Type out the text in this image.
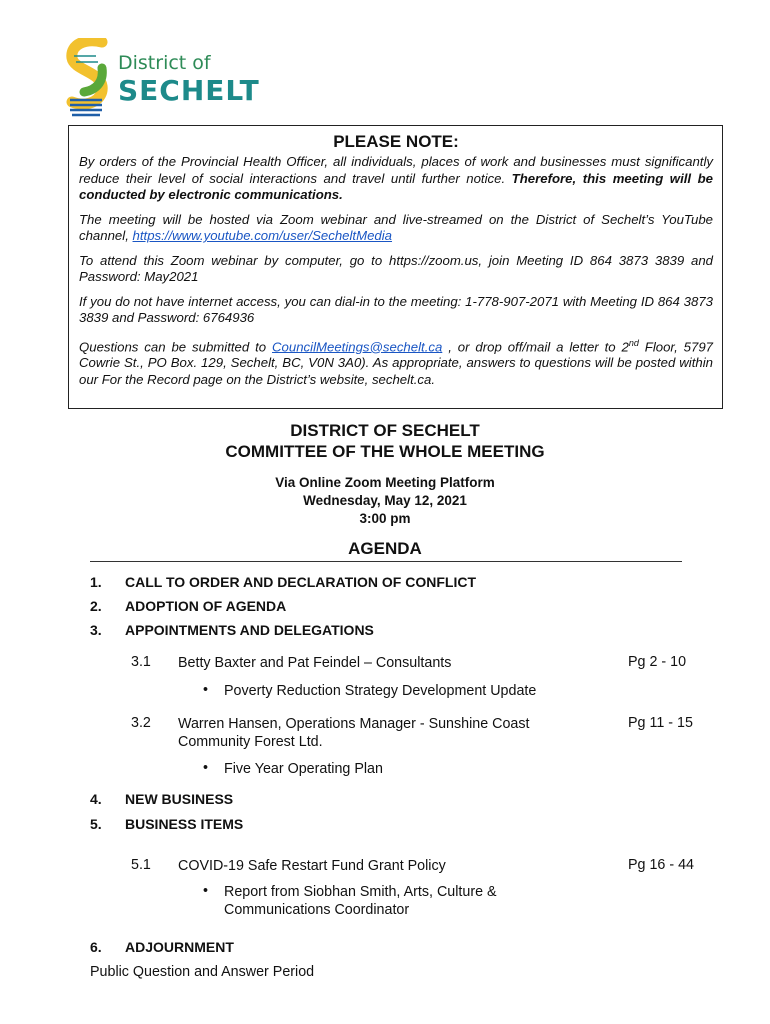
District of
SECHELT
PLEASE NOTE:

By orders of the Provincial Health Officer, all individuals, places of work and businesses must significantly reduce their level of social interactions and travel until further notice. Therefore, this meeting will be conducted by electronic communications.

The meeting will be hosted via Zoom webinar and live-streamed on the District of Sechelt’s YouTube channel, https://www.youtube.com/user/SecheltMedia

To attend this Zoom webinar by computer, go to https://zoom.us, join Meeting ID 864 3873 3839 and Password: May2021

If you do not have internet access, you can dial-in to the meeting: 1-778-907-2071 with Meeting ID 864 3873 3839 and Password: 6764936

Questions can be submitted to CouncilMeetings@sechelt.ca , or drop off/mail a letter to 2nd Floor, 5797 Cowrie St., PO Box. 129, Sechelt, BC, V0N 3A0). As appropriate, answers to questions will be posted within our For the Record page on the District’s website, sechelt.ca.

DISTRICT OF SECHELT
COMMITTEE OF THE WHOLE MEETING
Via Online Zoom Meeting Platform
Wednesday, May 12, 2021
3:00 pm
AGENDA
1. CALL TO ORDER AND DECLARATION OF CONFLICT
2. ADOPTION OF AGENDA
3. APPOINTMENTS AND DELEGATIONS
3.1 Betty Baxter and Pat Feindel – Consultants	Pg 2 - 10
• Poverty Reduction Strategy Development Update
3.2 Warren Hansen, Operations Manager - Sunshine Coast
Community Forest Ltd.
Pg 11 - 15
• Five Year Operating Plan
4. NEW BUSINESS
5. BUSINESS ITEMS
5.1 COVID-19 Safe Restart Fund Grant Policy	Pg 16 - 44
• Report from Siobhan Smith, Arts, Culture &
Communications Coordinator
6. ADJOURNMENT
Public Question and Answer Period
